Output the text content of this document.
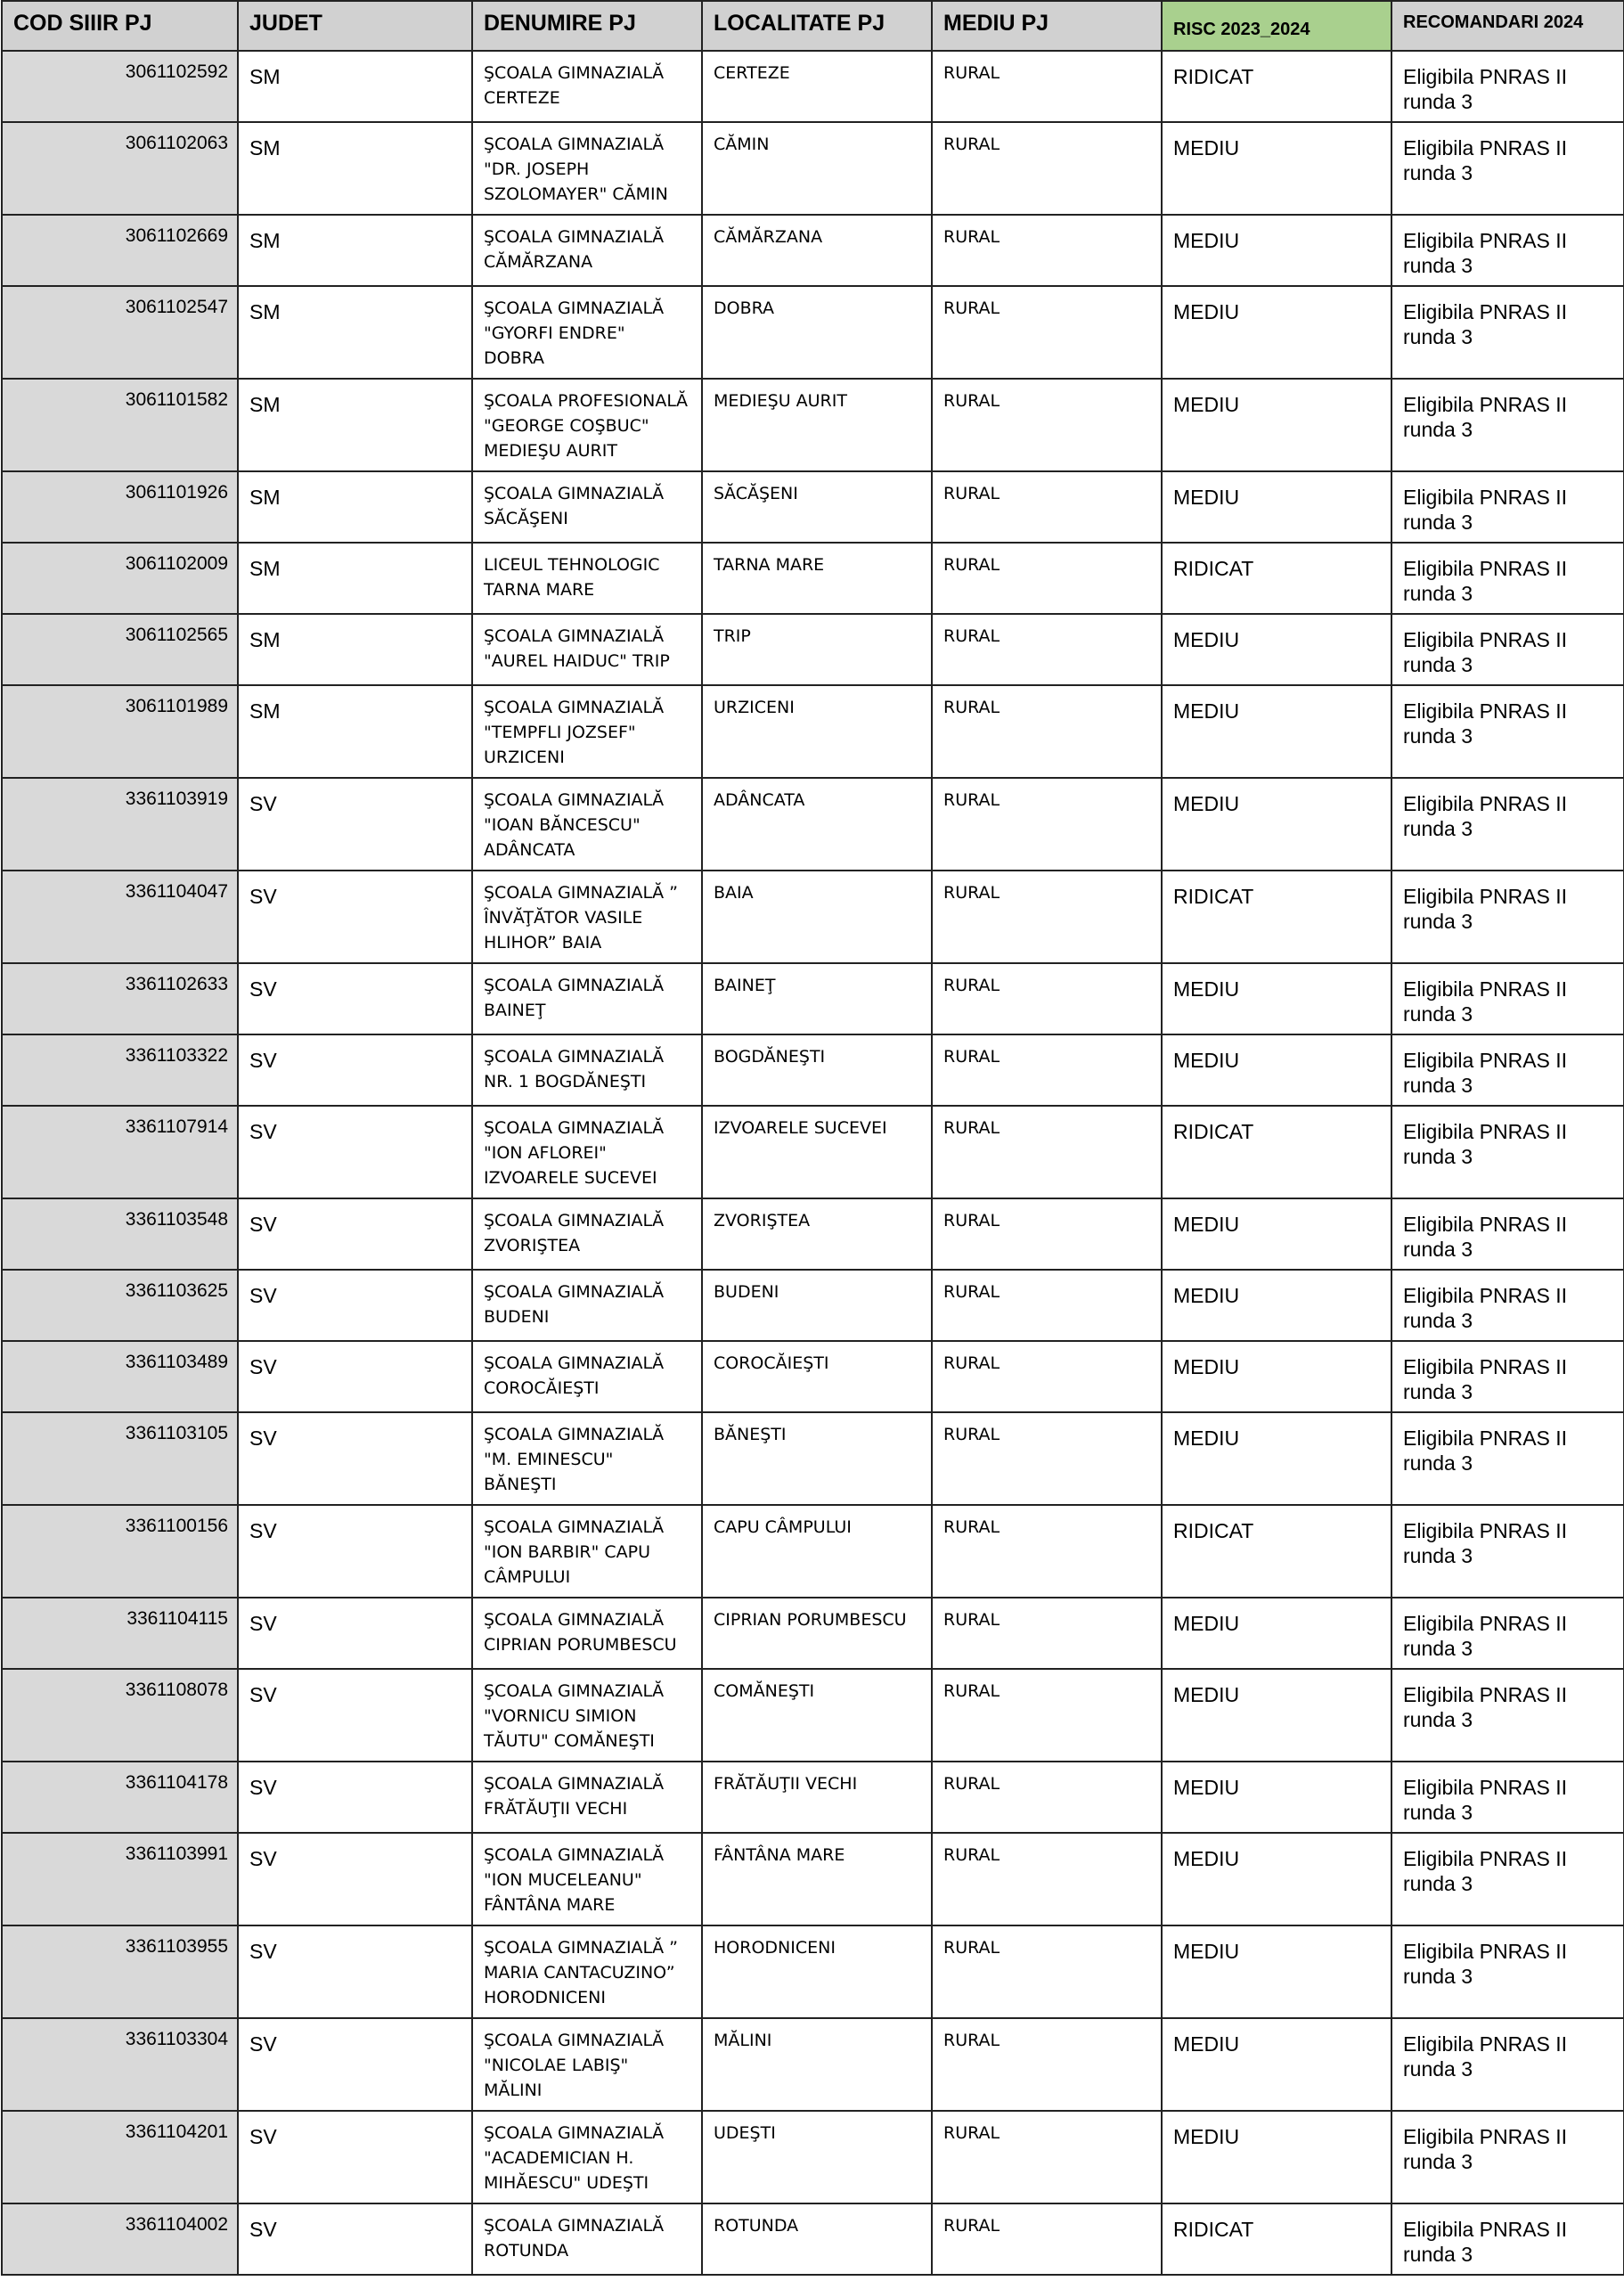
COD SIIIR PJ	JUDET	DENUMIRE PJ	LOCALITATE PJ	MEDIU PJ	RISC 2023_2024	RECOMANDARI 2024
3061102592	SM	ŞCOALA GIMNAZIALĂ CERTEZE	CERTEZE	RURAL	RIDICAT	Eligibila PNRAS II runda 3
3061102063	SM	ŞCOALA GIMNAZIALĂ "DR. JOSEPH SZOLOMAYER" CĂMIN	CĂMIN	RURAL	MEDIU	Eligibila PNRAS II runda 3
3061102669	SM	ŞCOALA GIMNAZIALĂ CĂMĂRZANA	CĂMĂRZANA	RURAL	MEDIU	Eligibila PNRAS II runda 3
3061102547	SM	ŞCOALA GIMNAZIALĂ "GYORFI ENDRE" DOBRA	DOBRA	RURAL	MEDIU	Eligibila PNRAS II runda 3
3061101582	SM	ŞCOALA PROFESIONALĂ "GEORGE COŞBUC" MEDIEŞU AURIT	MEDIEŞU AURIT	RURAL	MEDIU	Eligibila PNRAS II runda 3
3061101926	SM	ŞCOALA GIMNAZIALĂ SĂCĂŞENI	SĂCĂŞENI	RURAL	MEDIU	Eligibila PNRAS II runda 3
3061102009	SM	LICEUL TEHNOLOGIC TARNA MARE	TARNA MARE	RURAL	RIDICAT	Eligibila PNRAS II runda 3
3061102565	SM	ŞCOALA GIMNAZIALĂ "AUREL HAIDUC" TRIP	TRIP	RURAL	MEDIU	Eligibila PNRAS II runda 3
3061101989	SM	ŞCOALA GIMNAZIALĂ "TEMPFLI JOZSEF" URZICENI	URZICENI	RURAL	MEDIU	Eligibila PNRAS II runda 3
3361103919	SV	ŞCOALA GIMNAZIALĂ "IOAN BĂNCESCU" ADÂNCATA	ADÂNCATA	RURAL	MEDIU	Eligibila PNRAS II runda 3
3361104047	SV	ŞCOALA GIMNAZIALĂ ” ÎNVĂŢĂTOR VASILE HLIHOR” BAIA	BAIA	RURAL	RIDICAT	Eligibila PNRAS II runda 3
3361102633	SV	ŞCOALA GIMNAZIALĂ BAINEŢ	BAINEŢ	RURAL	MEDIU	Eligibila PNRAS II runda 3
3361103322	SV	ŞCOALA GIMNAZIALĂ NR. 1 BOGDĂNEŞTI	BOGDĂNEŞTI	RURAL	MEDIU	Eligibila PNRAS II runda 3
3361107914	SV	ŞCOALA GIMNAZIALĂ "ION AFLOREI" IZVOARELE SUCEVEI	IZVOARELE SUCEVEI	RURAL	RIDICAT	Eligibila PNRAS II runda 3
3361103548	SV	ŞCOALA GIMNAZIALĂ ZVORIŞTEA	ZVORIŞTEA	RURAL	MEDIU	Eligibila PNRAS II runda 3
3361103625	SV	ŞCOALA GIMNAZIALĂ BUDENI	BUDENI	RURAL	MEDIU	Eligibila PNRAS II runda 3
3361103489	SV	ŞCOALA GIMNAZIALĂ COROCĂIEŞTI	COROCĂIEŞTI	RURAL	MEDIU	Eligibila PNRAS II runda 3
3361103105	SV	ŞCOALA GIMNAZIALĂ "M. EMINESCU" BĂNEŞTI	BĂNEŞTI	RURAL	MEDIU	Eligibila PNRAS II runda 3
3361100156	SV	ŞCOALA GIMNAZIALĂ "ION BARBIR" CAPU CÂMPULUI	CAPU CÂMPULUI	RURAL	RIDICAT	Eligibila PNRAS II runda 3
3361104115	SV	ŞCOALA GIMNAZIALĂ CIPRIAN PORUMBESCU	CIPRIAN PORUMBESCU	RURAL	MEDIU	Eligibila PNRAS II runda 3
3361108078	SV	ŞCOALA GIMNAZIALĂ "VORNICU SIMION TĂUTU" COMĂNEŞTI	COMĂNEŞTI	RURAL	MEDIU	Eligibila PNRAS II runda 3
3361104178	SV	ŞCOALA GIMNAZIALĂ FRĂTĂUŢII VECHI	FRĂTĂUŢII VECHI	RURAL	MEDIU	Eligibila PNRAS II runda 3
3361103991	SV	ŞCOALA GIMNAZIALĂ "ION MUCELEANU" FÂNTÂNA MARE	FÂNTÂNA MARE	RURAL	MEDIU	Eligibila PNRAS II runda 3
3361103955	SV	ŞCOALA GIMNAZIALĂ ” MARIA CANTACUZINO” HORODNICENI	HORODNICENI	RURAL	MEDIU	Eligibila PNRAS II runda 3
3361103304	SV	ŞCOALA GIMNAZIALĂ "NICOLAE LABIŞ" MĂLINI	MĂLINI	RURAL	MEDIU	Eligibila PNRAS II runda 3
3361104201	SV	ŞCOALA GIMNAZIALĂ "ACADEMICIAN H. MIHĂESCU" UDEŞTI	UDEŞTI	RURAL	MEDIU	Eligibila PNRAS II runda 3
3361104002	SV	ŞCOALA GIMNAZIALĂ ROTUNDA	ROTUNDA	RURAL	RIDICAT	Eligibila PNRAS II runda 3
